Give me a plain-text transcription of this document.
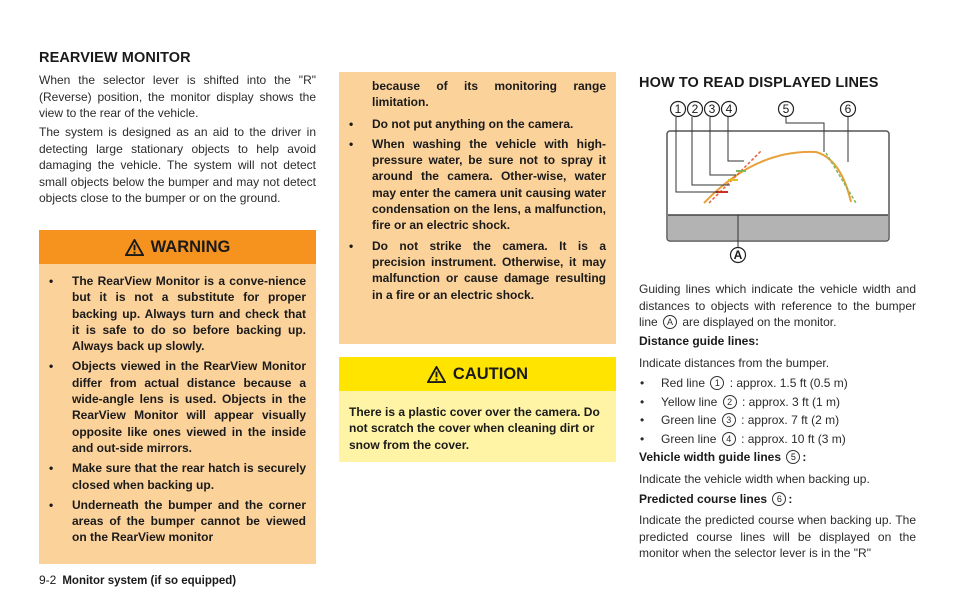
REARVIEW MONITOR

When the selector lever is shifted into the "R" (Reverse) position, the monitor display shows the view to the rear of the vehicle.

The system is designed as an aid to the driver in detecting large stationary objects to help avoid damaging the vehicle. The system will not detect small objects below the bumper and may not detect objects close to the bumper or on the ground.

WARNING
• The RearView Monitor is a conve-nience but it is not a substitute for proper backing up. Always turn and check that it is safe to do so before backing up. Always back up slowly.
• Objects viewed in the RearView Monitor differ from actual distance because a wide-angle lens is used. Objects in the RearView Monitor will appear visually opposite like ones viewed in the inside and out-side mirrors.
• Make sure that the rear hatch is securely closed when backing up.
• Underneath the bumper and the corner areas of the bumper cannot be viewed on the RearView monitor
9-2 Monitor system (if so equipped)
because of its monitoring range limitation.
• Do not put anything on the camera.
• When washing the vehicle with high-pressure water, be sure not to spray it around the camera. Other-wise, water may enter the camera unit causing water condensation on the lens, a malfunction, fire or an electric shock.
• Do not strike the camera. It is a precision instrument. Otherwise, it may malfunction or cause damage resulting in a fire or an electric shock.
CAUTION
There is a plastic cover over the camera. Do not scratch the cover when cleaning dirt or snow from the cover.
HOW TO READ DISPLAYED LINES
1 2 3 4	5	6
A

Guiding lines which indicate the vehicle width and distances to objects with reference to the bumper line A are displayed on the monitor.

Distance guide lines:

Indicate distances from the bumper.

• Red line 1 : approx. 1.5 ft (0.5 m)
• Yellow line 2 : approx. 3 ft (1 m)
• Green line 3 : approx. 7 ft (2 m)
• Green line 4 : approx. 10 ft (3 m)
Vehicle width guide lines 5 :

Indicate the vehicle width when backing up.

Predicted course lines 6 :

Indicate the predicted course when backing up. The predicted course lines will be displayed on the monitor when the selector lever is in the "R"
